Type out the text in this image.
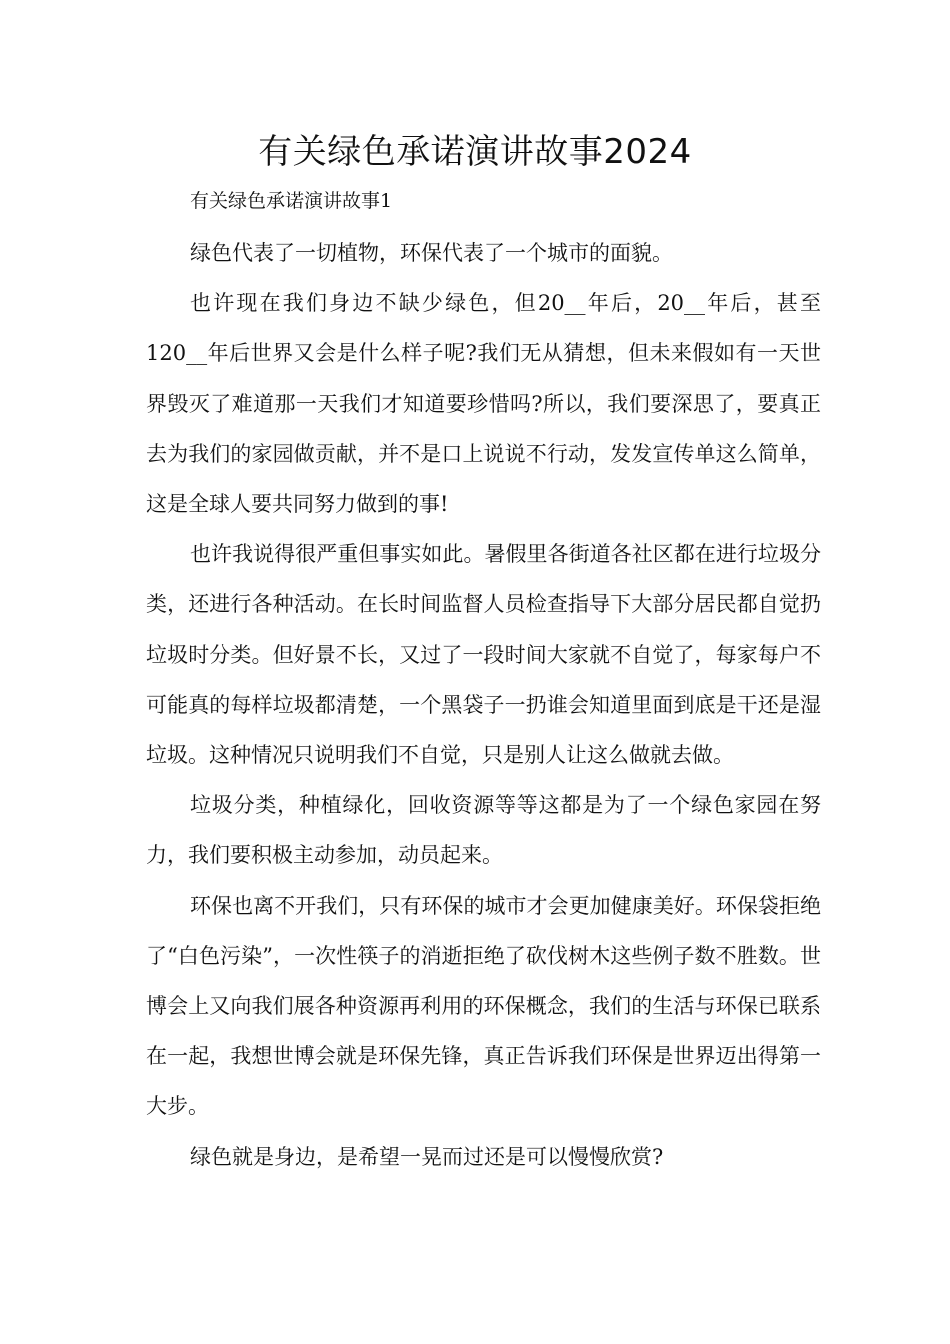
有关绿色承诺演讲故事2024

有关绿色承诺演讲故事1

绿色代表了一切植物，环保代表了一个城市的面貌。

也许现在我们身边不缺少绿色，但20__年后，20__年后，甚至120__年后世界又会是什么样子呢?我们无从猜想，但未来假如有一天世界毁灭了难道那一天我们才知道要珍惜吗?所以，我们要深思了，要真正去为我们的家园做贡献，并不是口上说说不行动，发发宣传单这么简单，这是全球人要共同努力做到的事!

也许我说得很严重但事实如此。暑假里各街道各社区都在进行垃圾分类，还进行各种活动。在长时间监督人员检查指导下大部分居民都自觉扔垃圾时分类。但好景不长，又过了一段时间大家就不自觉了，每家每户不可能真的每样垃圾都清楚，一个黑袋子一扔谁会知道里面到底是干还是湿垃圾。这种情况只说明我们不自觉，只是别人让这么做就去做。

垃圾分类，种植绿化，回收资源等等这都是为了一个绿色家园在努力，我们要积极主动参加，动员起来。

环保也离不开我们，只有环保的城市才会更加健康美好。环保袋拒绝了“白色污染”，一次性筷子的消逝拒绝了砍伐树木这些例子数不胜数。世博会上又向我们展各种资源再利用的环保概念，我们的生活与环保已联系在一起，我想世博会就是环保先锋，真正告诉我们环保是世界迈出得第一大步。

绿色就是身边，是希望一晃而过还是可以慢慢欣赏?
